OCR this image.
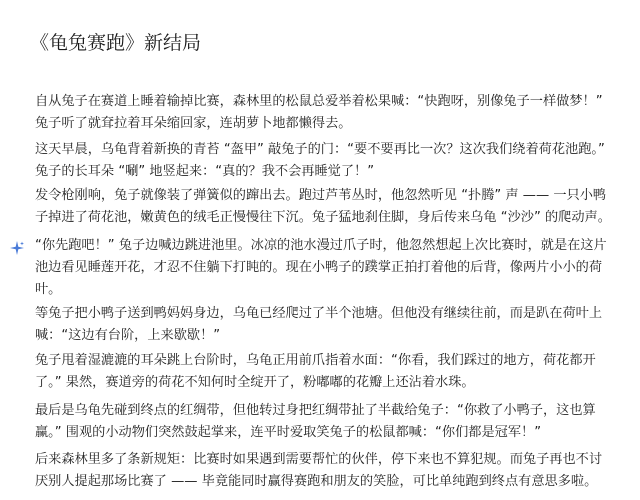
《龟兔赛跑》新结局
自从兔子在赛道上睡着输掉比赛，森林里的松鼠总爱举着松果喊：“快跑呀，别像兔子一样做梦！”
兔子听了就耷拉着耳朵缩回家，连胡萝卜地都懒得去。
这天早晨，乌龟背着新换的青苔 “盔甲” 敲兔子的门：“要不要再比一次？这次我们绕着荷花池跑。”
兔子的长耳朵 “唰” 地竖起来：“真的？我不会再睡觉了！”
发令枪刚响，兔子就像装了弹簧似的蹿出去。跑过芦苇丛时，他忽然听见 “扑腾” 声 —— 一只小鸭
子掉进了荷花池，嫩黄色的绒毛正慢慢往下沉。兔子猛地刹住脚，身后传来乌龟 “沙沙” 的爬动声。
“你先跑吧！” 兔子边喊边跳进池里。冰凉的池水漫过爪子时，他忽然想起上次比赛时，就是在这片
池边看见睡莲开花，才忍不住躺下打盹的。现在小鸭子的蹼掌正拍打着他的后背，像两片小小的荷
叶。
等兔子把小鸭子送到鸭妈妈身边，乌龟已经爬过了半个池塘。但他没有继续往前，而是趴在荷叶上
喊：“这边有台阶，上来歇歇！”
兔子甩着湿漉漉的耳朵跳上台阶时，乌龟正用前爪指着水面：“你看，我们踩过的地方，荷花都开
了。” 果然，赛道旁的荷花不知何时全绽开了，粉嘟嘟的花瓣上还沾着水珠。
最后是乌龟先碰到终点的红绸带，但他转过身把红绸带扯了半截给兔子：“你救了小鸭子，这也算
赢。” 围观的小动物们突然鼓起掌来，连平时爱取笑兔子的松鼠都喊：“你们都是冠军！”
后来森林里多了条新规矩：比赛时如果遇到需要帮忙的伙伴，停下来也不算犯规。而兔子再也不讨
厌别人提起那场比赛了 —— 毕竟能同时赢得赛跑和朋友的笑脸，可比单纯跑到终点有意思多啦。
